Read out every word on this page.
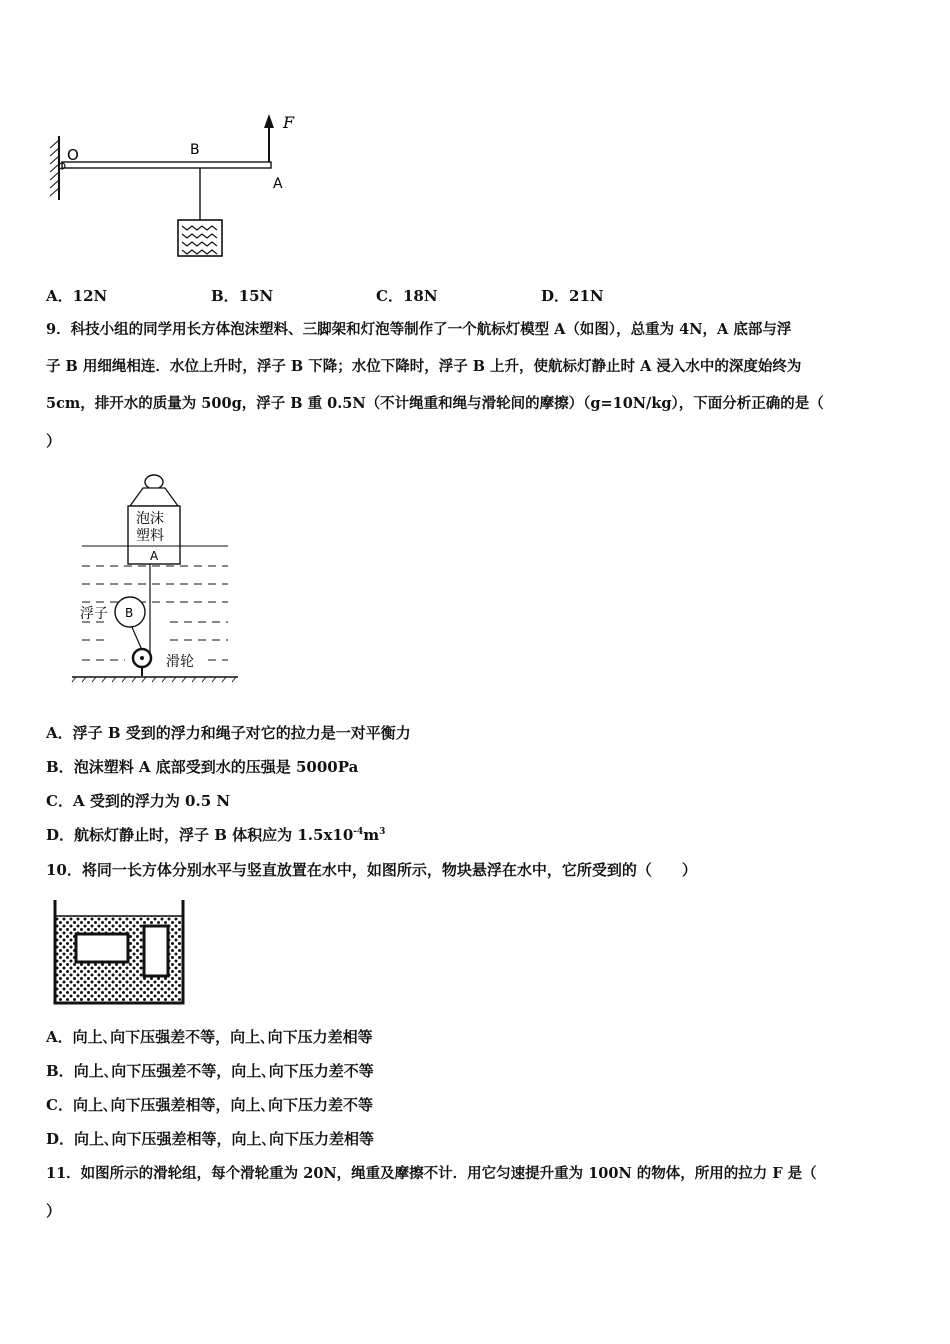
O	B
A
F
A．12N	B．15N	C．18N	D．21N
9．科技小组的同学用长方体泡沫塑料、三脚架和灯泡等制作了一个航标灯模型 A（如图），总重为 4N，A 底部与浮
子 B 用细绳相连．水位上升时，浮子 B 下降；水位下降时，浮子 B 上升，使航标灯静止时 A 浸入水中的深度始终为
5cm，排开水的质量为 500g，浮子 B 重 0.5N（不计绳重和绳与滑轮间的摩擦）（g=10N/kg），下面分析正确的是（
）
泡沫
塑料
A
B
浮子
滑轮
A．浮子 B 受到的浮力和绳子对它的拉力是一对平衡力
B．泡沫塑料 A 底部受到水的压强是 5000Pa
C．A 受到的浮力为 0.5 N
D．航标灯静止时，浮子 B 体积应为 $1.5x10^{-4}m^3$
10．将同一长方体分别水平与竖直放置在水中，如图所示，物块悬浮在水中，它所受到的（　　）
A．向上､向下压强差不等，向上､向下压力差相等
B．向上､向下压强差不等，向上､向下压力差不等
C．向上､向下压强差相等，向上､向下压力差不等
D．向上､向下压强差相等，向上､向下压力差相等
11．如图所示的滑轮组，每个滑轮重为 20N，绳重及摩擦不计．用它匀速提升重为 100N 的物体，所用的拉力 F 是（
）
